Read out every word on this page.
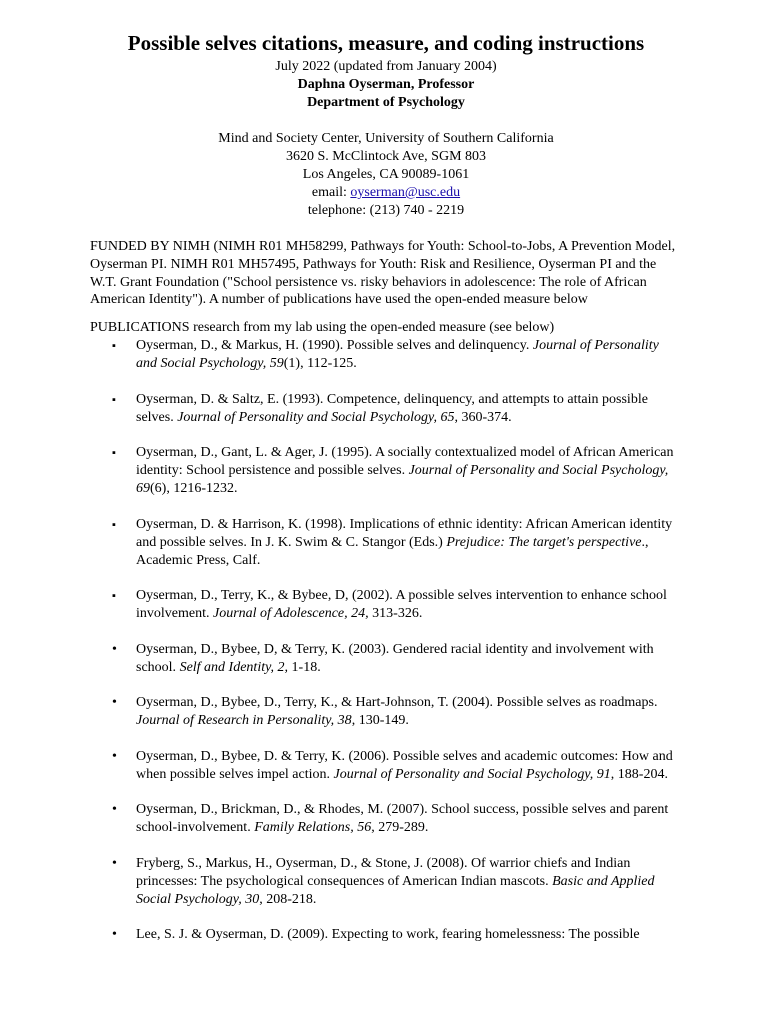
Possible selves citations, measure, and coding instructions
July 2022 (updated from January 2004)
Daphna Oyserman, Professor
Department of Psychology
Mind and Society Center, University of Southern California
3620 S. McClintock Ave, SGM 803
Los Angeles, CA 90089-1061
email: oyserman@usc.edu
telephone: (213) 740 - 2219
FUNDED BY NIMH (NIMH R01 MH58299, Pathways for Youth: School-to-Jobs, A Prevention Model, Oyserman PI. NIMH R01 MH57495, Pathways for Youth: Risk and Resilience, Oyserman PI and the W.T. Grant Foundation ("School persistence vs. risky behaviors in adolescence: The role of African American Identity"). A number of publications have used the open-ended measure below
PUBLICATIONS research from my lab using the open-ended measure (see below)
▪ Oyserman, D., & Markus, H. (1990). Possible selves and delinquency. Journal of Personality and Social Psychology, 59(1), 112-125.
▪ Oyserman, D. & Saltz, E. (1993). Competence, delinquency, and attempts to attain possible selves. Journal of Personality and Social Psychology, 65, 360-374.
▪ Oyserman, D., Gant, L. & Ager, J. (1995). A socially contextualized model of African American identity: School persistence and possible selves. Journal of Personality and Social Psychology, 69(6), 1216-1232.
▪ Oyserman, D. & Harrison, K. (1998). Implications of ethnic identity: African American identity and possible selves. In J. K. Swim & C. Stangor (Eds.) Prejudice: The target's perspective., Academic Press, Calf.
▪ Oyserman, D., Terry, K., & Bybee, D, (2002). A possible selves intervention to enhance school involvement. Journal of Adolescence, 24, 313-326.
• Oyserman, D., Bybee, D, & Terry, K. (2003). Gendered racial identity and involvement with school. Self and Identity, 2, 1-18.
• Oyserman, D., Bybee, D., Terry, K., & Hart-Johnson, T. (2004). Possible selves as roadmaps. Journal of Research in Personality, 38, 130-149.
• Oyserman, D., Bybee, D. & Terry, K. (2006). Possible selves and academic outcomes: How and when possible selves impel action. Journal of Personality and Social Psychology, 91, 188-204.
• Oyserman, D., Brickman, D., & Rhodes, M. (2007). School success, possible selves and parent school-involvement. Family Relations, 56, 279-289.
• Fryberg, S., Markus, H., Oyserman, D., & Stone, J. (2008). Of warrior chiefs and Indian princesses: The psychological consequences of American Indian mascots. Basic and Applied Social Psychology, 30, 208-218.
• Lee, S. J. & Oyserman, D. (2009). Expecting to work, fearing homelessness: The possible
